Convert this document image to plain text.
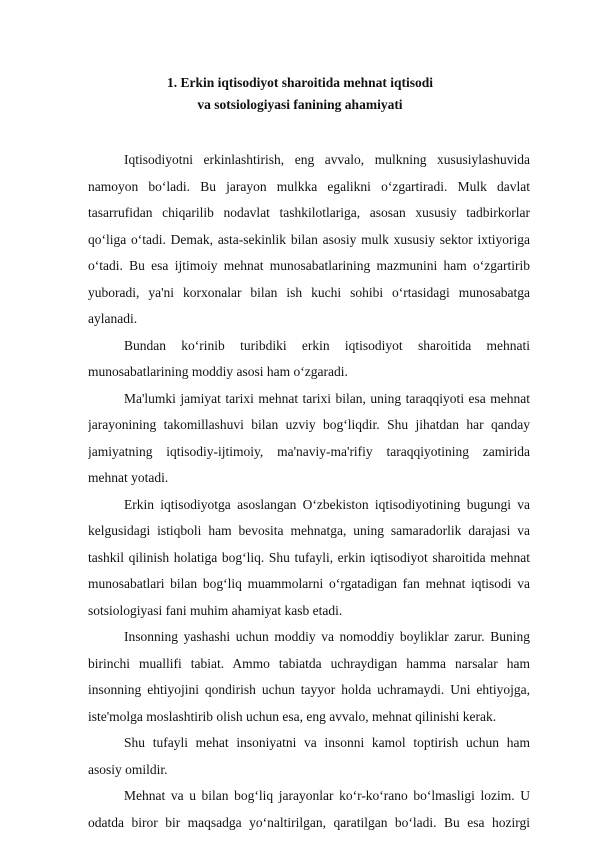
1. Erkin iqtisodiyot sharoitida mehnat iqtisodi
va sotsiologiyasi fanining ahamiyati

Iqtisodiyotni erkinlashtirish, eng avvalo, mulkning xususiylashuvida
namoyon bo‘ladi. Bu jarayon mulkka egalikni o‘zgartiradi. Mulk davlat
tasarrufidan chiqarilib nodavlat tashkilotlariga, asosan xususiy tadbirkorlar
qo‘liga o‘tadi. Demak, asta-sekinlik bilan asosiy mulk xususiy sektor ixtiyoriga
o‘tadi. Bu esa ijtimoiy mehnat munosabatlarining mazmunini ham o‘zgartirib
yuboradi, ya'ni korxonalar bilan ish kuchi sohibi o‘rtasidagi munosabatga
aylanadi.

Bundan ko‘rinib turibdiki erkin iqtisodiyot sharoitida mehnati
munosabatlarining moddiy asosi ham o‘zgaradi.

Ma'lumki jamiyat tarixi mehnat tarixi bilan, uning taraqqiyoti esa mehnat
jarayonining takomillashuvi bilan uzviy bog‘liqdir. Shu jihatdan har qanday
jamiyatning iqtisodiy-ijtimoiy, ma'naviy-ma'rifiy taraqqiyotining zamirida
mehnat yotadi.

Erkin iqtisodiyotga asoslangan O‘zbekiston iqtisodiyotining bugungi va
kelgusidagi istiqboli ham bevosita mehnatga, uning samaradorlik darajasi va
tashkil qilinish holatiga bog‘liq. Shu tufayli, erkin iqtisodiyot sharoitida mehnat
munosabatlari bilan bog‘liq muammolarni o‘rgatadigan fan mehnat iqtisodi va
sotsiologiyasi fani muhim ahamiyat kasb etadi.

Insonning yashashi uchun moddiy va nomoddiy boyliklar zarur. Buning
birinchi muallifi tabiat. Ammo tabiatda uchraydigan hamma narsalar ham
insonning ehtiyojini qondirish uchun tayyor holda uchramaydi. Uni ehtiyojga,
iste'molga moslashtirib olish uchun esa, eng avvalo, mehnat qilinishi kerak.

Shu tufayli mehat insoniyatni va insonni kamol toptirish uchun ham
asosiy omildir.

Mehnat va u bilan bog‘liq jarayonlar ko‘r-ko‘rano bo‘lmasligi lozim. U
odatda biror bir maqsadga yo‘naltirilgan, qaratilgan bo‘ladi. Bu esa hozirgi
